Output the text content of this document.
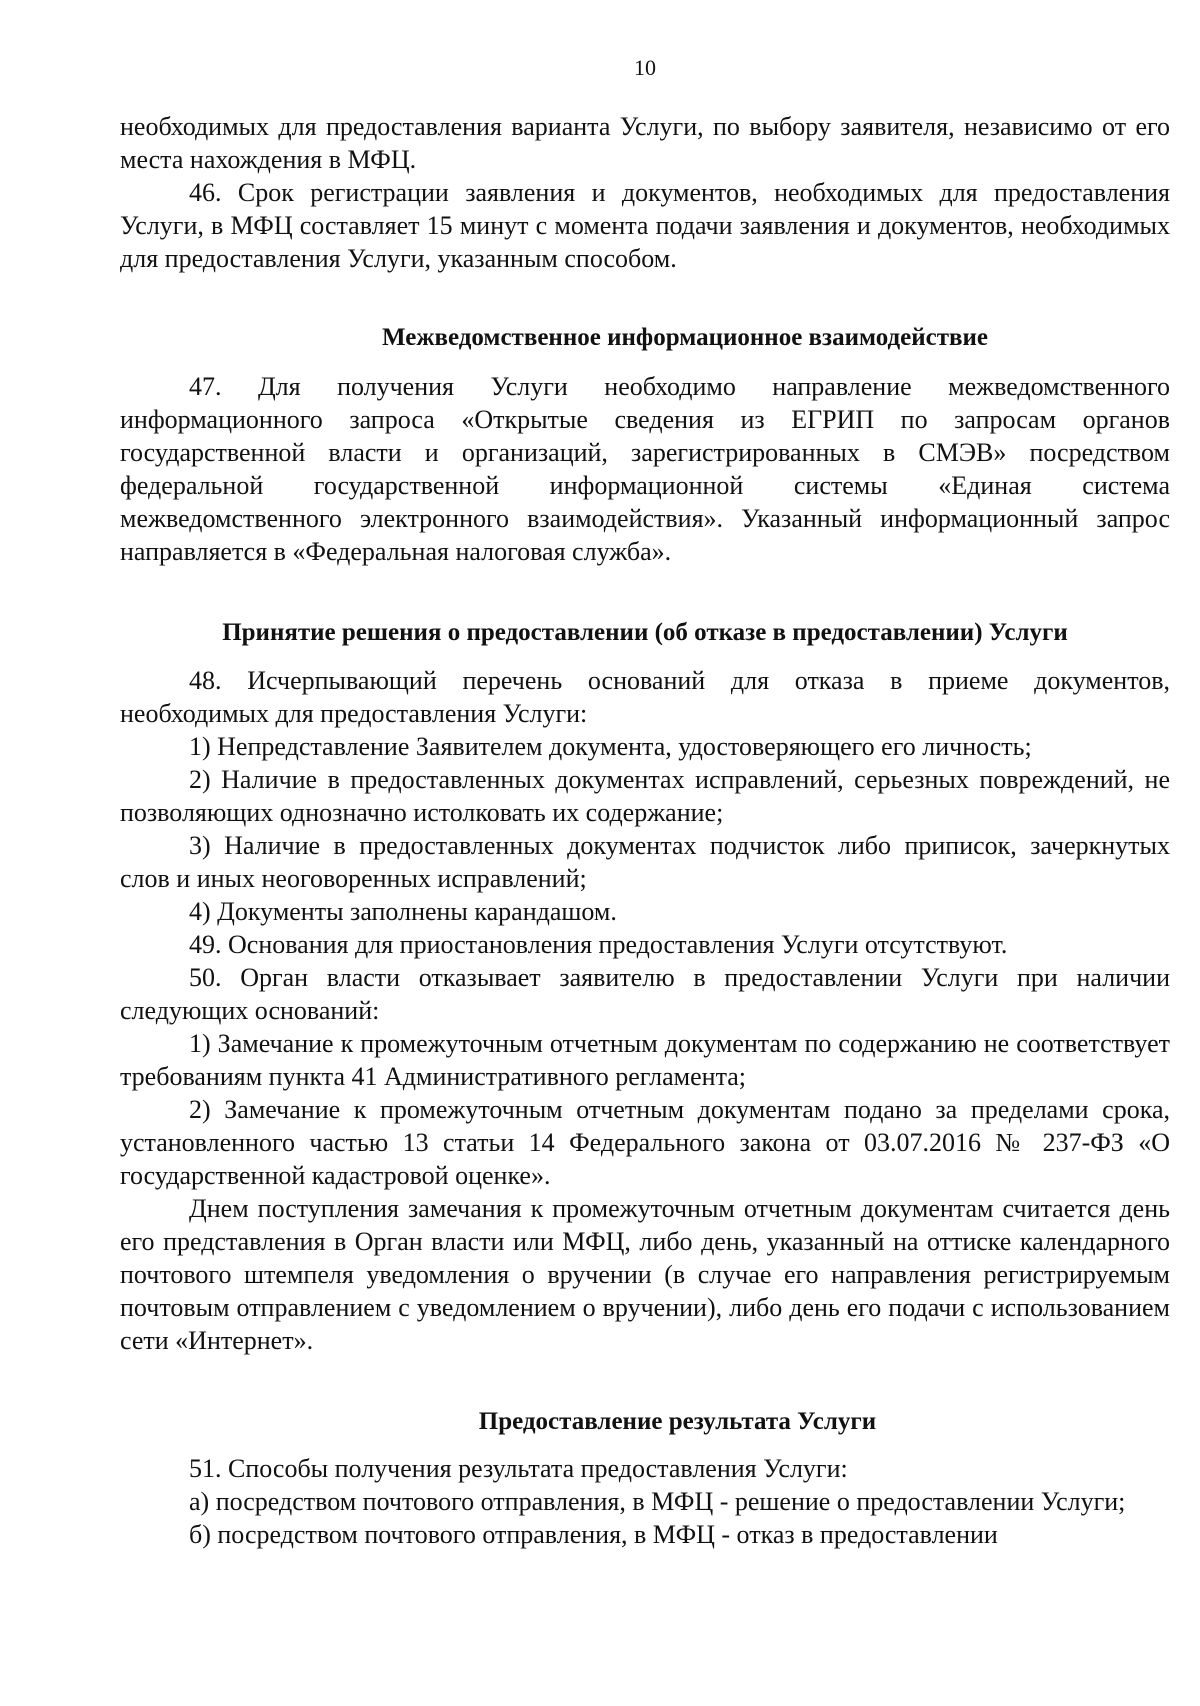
10

необходимых для предоставления варианта Услуги, по выбору заявителя, независимо от его места нахождения в МФЦ.

46. Срок регистрации заявления и документов, необходимых для предоставления Услуги, в МФЦ составляет 15 минут с момента подачи заявления и документов, необходимых для предоставления Услуги, указанным способом.

Межведомственное информационное взаимодействие

47. Для получения Услуги необходимо направление межведомственного информационного запроса «Открытые сведения из ЕГРИП по запросам органов государственной власти и организаций, зарегистрированных в СМЭВ» посредством федеральной государственной информационной системы «Единая система межведомственного электронного взаимодействия». Указанный информационный запрос направляется в «Федеральная налоговая служба».

Принятие решения о предоставлении (об отказе в предоставлении) Услуги

48. Исчерпывающий перечень оснований для отказа в приеме документов, необходимых для предоставления Услуги:

1) Непредставление Заявителем документа, удостоверяющего его личность;

2) Наличие в предоставленных документах исправлений, серьезных повреждений, не позволяющих однозначно истолковать их содержание;

3) Наличие в предоставленных документах подчисток либо приписок, зачеркнутых слов и иных неоговоренных исправлений;

4) Документы заполнены карандашом.

49. Основания для приостановления предоставления Услуги отсутствуют.

50. Орган власти отказывает заявителю в предоставлении Услуги при наличии следующих оснований:

1) Замечание к промежуточным отчетным документам по содержанию не соответствует требованиям пункта 41 Административного регламента;

2) Замечание к промежуточным отчетным документам подано за пределами срока, установленного частью 13 статьи 14 Федерального закона от 03.07.2016 № 237-ФЗ «О государственной кадастровой оценке».

Днем поступления замечания к промежуточным отчетным документам считается день его представления в Орган власти или МФЦ, либо день, указанный на оттиске календарного почтового штемпеля уведомления о вручении (в случае его направления регистрируемым почтовым отправлением с уведомлением о вручении), либо день его подачи с использованием сети «Интернет».

Предоставление результата Услуги

51. Способы получения результата предоставления Услуги:

а) посредством почтового отправления, в МФЦ - решение о предоставлении Услуги;

б) посредством почтового отправления, в МФЦ - отказ в предоставлении
